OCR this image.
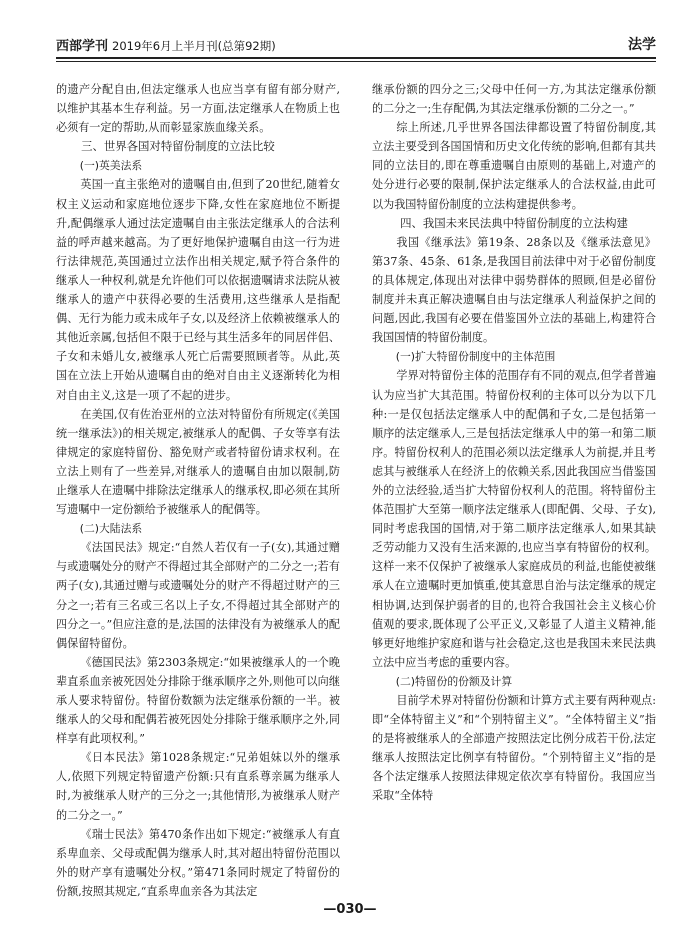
西部学刊 2019年6月上半月刊(总第92期)	法学

的遗产分配自由,但法定继承人也应当享有留有部分财产,以维护其基本生存利益。另一方面,法定继承人在物质上也必须有一定的帮助,从而彰显家族血缘关系。

三、世界各国对特留份制度的立法比较

(一)英美法系

英国一直主张绝对的遗嘱自由,但到了20世纪,随着女权主义运动和家庭地位逐步下降,女性在家庭地位不断提升,配偶继承人通过法定遗嘱自由主张法定继承人的合法利益的呼声越来越高。为了更好地保护遗嘱自由这一行为进行法律规范,英国通过立法作出相关规定,赋予符合条件的继承人一种权利,就是允许他们可以依据遗嘱请求法院从被继承人的遗产中获得必要的生活费用,这些继承人是指配偶、无行为能力或未成年子女,以及经济上依赖被继承人的其他近亲属,包括但不限于已经与其生活多年的同居伴侣、子女和未婚儿女,被继承人死亡后需要照顾者等。从此,英国在立法上开始从遗嘱自由的绝对自由主义逐渐转化为相对自由主义,这是一项了不起的进步。

在美国,仅有佐治亚州的立法对特留份有所规定(《美国统一继承法》)的相关规定,被继承人的配偶、子女等享有法律规定的家庭特留份、豁免财产或者特留份请求权利。在立法上则有了一些差异,对继承人的遗嘱自由加以限制,防止继承人在遗嘱中排除法定继承人的继承权,即必须在其所写遗嘱中一定份额给予被继承人的配偶等。

(二)大陆法系

《法国民法》规定:“自然人若仅有一子(女),其通过赠与或遗嘱处分的财产不得超过其全部财产的二分之一;若有两子(女),其通过赠与或遗嘱处分的财产不得超过财产的三分之一;若有三名或三名以上子女,不得超过其全部财产的四分之一。”但应注意的是,法国的法律没有为被继承人的配偶保留特留份。

《德国民法》第2303条规定:“如果被继承人的一个晚辈直系血亲被死因处分排除于继承顺序之外,则他可以向继承人要求特留份。特留份数额为法定继承份额的一半。被继承人的父母和配偶若被死因处分排除于继承顺序之外,同样享有此项权利。”

《日本民法》第1028条规定:“兄弟姐妹以外的继承人,依照下列规定特留遗产份额:只有直系尊亲属为继承人时,为被继承人财产的三分之一;其他情形,为被继承人财产的二分之一。”

《瑞士民法》第470条作出如下规定:“被继承人有直系卑血亲、父母或配偶为继承人时,其对超出特留份范围以外的财产享有遗嘱处分权。”第471条同时规定了特留份的份额,按照其规定,“直系卑血亲各为其法定

继承份额的四分之三;父母中任何一方,为其法定继承份额的二分之一;生存配偶,为其法定继承份额的二分之一。”

综上所述,几乎世界各国法律都设置了特留份制度,其立法主要受到各国国情和历史文化传统的影响,但都有其共同的立法目的,即在尊重遗嘱自由原则的基础上,对遗产的处分进行必要的限制,保护法定继承人的合法权益,由此可以为我国特留份制度的立法构建提供参考。

四、我国未来民法典中特留份制度的立法构建

我国《继承法》第19条、28条以及《继承法意见》第37条、45条、61条,是我国目前法律中对于必留份制度的具体规定,体现出对法律中弱势群体的照顾,但是必留份制度并未真正解决遗嘱自由与法定继承人利益保护之间的问题,因此,我国有必要在借鉴国外立法的基础上,构建符合我国国情的特留份制度。

(一)扩大特留份制度中的主体范围

学界对特留份主体的范围存有不同的观点,但学者普遍认为应当扩大其范围。特留份权利的主体可以分为以下几种:一是仅包括法定继承人中的配偶和子女,二是包括第一顺序的法定继承人,三是包括法定继承人中的第一和第二顺序。特留份权利人的范围必须以法定继承人为前提,并且考虑其与被继承人在经济上的依赖关系,因此我国应当借鉴国外的立法经验,适当扩大特留份权利人的范围。将特留份主体范围扩大至第一顺序法定继承人(即配偶、父母、子女),同时考虑我国的国情,对于第二顺序法定继承人,如果其缺乏劳动能力又没有生活来源的,也应当享有特留份的权利。这样一来不仅保护了被继承人家庭成员的利益,也能使被继承人在立遗嘱时更加慎重,使其意思自治与法定继承的规定相协调,达到保护弱者的目的,也符合我国社会主义核心价值观的要求,既体现了公平正义,又彰显了人道主义精神,能够更好地维护家庭和谐与社会稳定,这也是我国未来民法典立法中应当考虑的重要内容。

(二)特留份的份额及计算

目前学术界对特留份份额和计算方式主要有两种观点:即“全体特留主义”和“个别特留主义”。“全体特留主义”指的是将被继承人的全部遗产按照法定比例分成若干份,法定继承人按照法定比例享有特留份。“个别特留主义”指的是各个法定继承人按照法律规定依次享有特留份。我国应当采取“全体特

—030—
